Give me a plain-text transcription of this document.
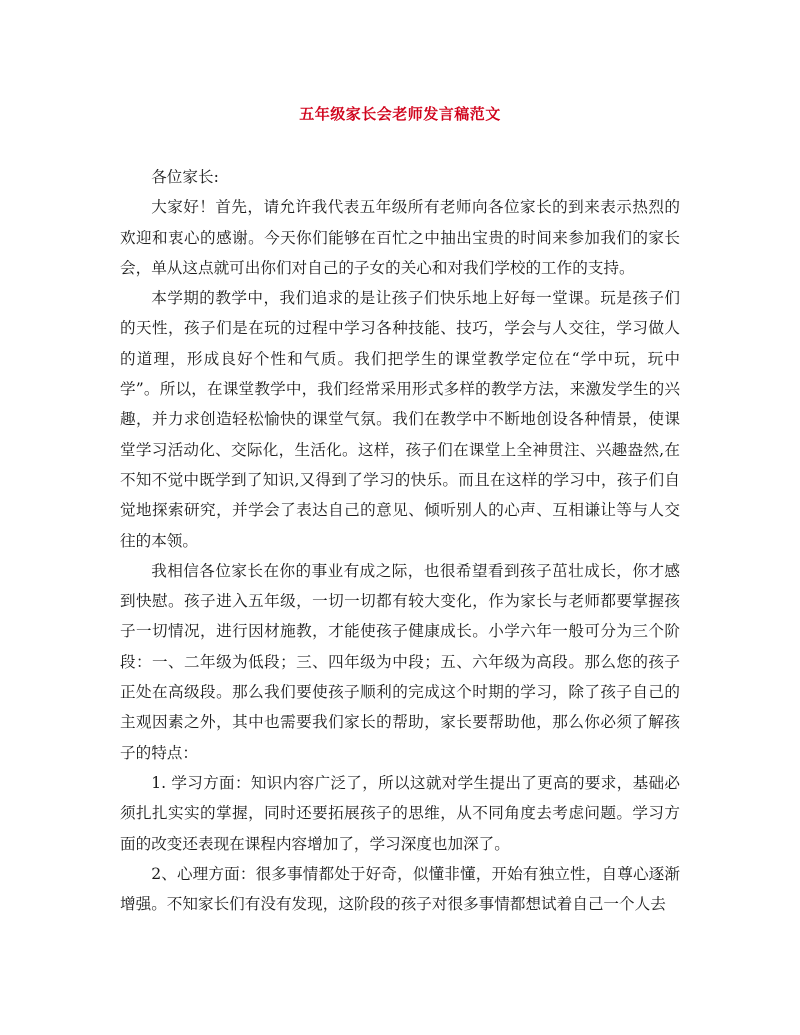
五年级家长会老师发言稿范文

各位家长:

大家好！首先，请允许我代表五年级所有老师向各位家长的到来表示热烈的欢迎和衷心的感谢。今天你们能够在百忙之中抽出宝贵的时间来参加我们的家长会，单从这点就可出你们对自己的子女的关心和对我们学校的工作的支持。

本学期的教学中，我们追求的是让孩子们快乐地上好每一堂课。玩是孩子们的天性，孩子们是在玩的过程中学习各种技能、技巧，学会与人交往，学习做人的道理，形成良好个性和气质。我们把学生的课堂教学定位在“学中玩，玩中学”。所以，在课堂教学中，我们经常采用形式多样的教学方法，来激发学生的兴趣，并力求创造轻松愉快的课堂气氛。我们在教学中不断地创设各种情景，使课堂学习活动化、交际化，生活化。这样，孩子们在课堂上全神贯注、兴趣盎然,在不知不觉中既学到了知识,又得到了学习的快乐。而且在这样的学习中，孩子们自觉地探索研究，并学会了表达自己的意见、倾听别人的心声、互相谦让等与人交往的本领。

我相信各位家长在你的事业有成之际，也很希望看到孩子茁壮成长，你才感到快慰。孩子进入五年级，一切一切都有较大变化，作为家长与老师都要掌握孩子一切情况，进行因材施教，才能使孩子健康成长。小学六年一般可分为三个阶段：一、二年级为低段；三、四年级为中段；五、六年级为高段。那么您的孩子正处在高级段。那么我们要使孩子顺利的完成这个时期的学习，除了孩子自己的主观因素之外，其中也需要我们家长的帮助，家长要帮助他，那么你必须了解孩子的特点：

1. 学习方面：知识内容广泛了，所以这就对学生提出了更高的要求，基础必须扎扎实实的掌握，同时还要拓展孩子的思维，从不同角度去考虑问题。学习方面的改变还表现在课程内容增加了，学习深度也加深了。

2、心理方面：很多事情都处于好奇，似懂非懂，开始有独立性，自尊心逐渐增强。不知家长们有没有发现，这阶段的孩子对很多事情都想试着自己一个人去
